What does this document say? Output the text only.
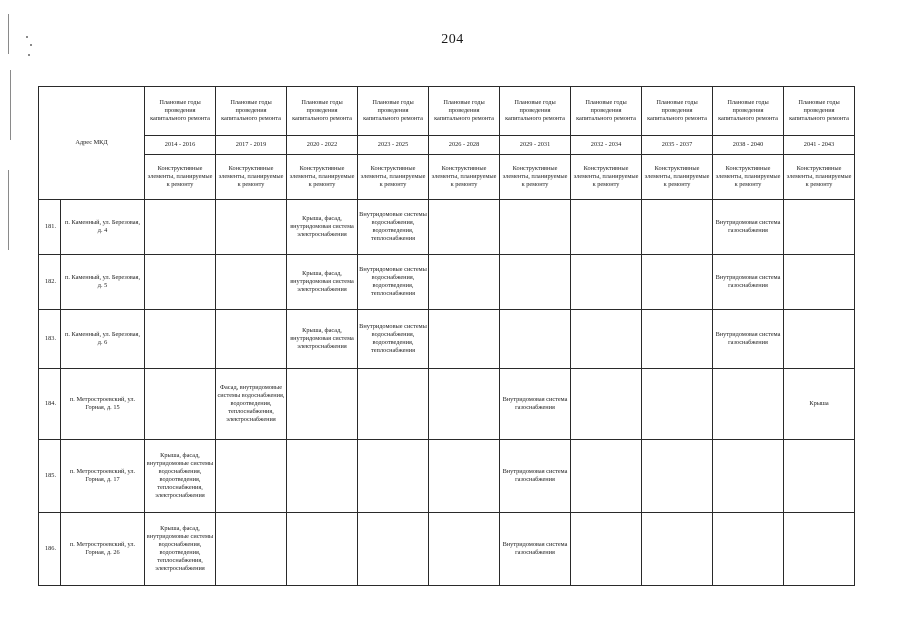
204
Адрес МКД		Плановые годы проведения капитального ремонта	Плановые годы проведения капитального ремонта	Плановые годы проведения капитального ремонта	Плановые годы проведения капитального ремонта	Плановые годы проведения капитального ремонта	Плановые годы проведения капитального ремонта	Плановые годы проведения капитального ремонта	Плановые годы проведения капитального ремонта	Плановые годы проведения капитального ремонта	Плановые годы проведения капитального ремонта
		2014 - 2016	2017 - 2019	2020 - 2022	2023 - 2025	2026 - 2028	2029 - 2031	2032 - 2034	2035 - 2037	2038 - 2040	2041 - 2043
		Конструктивные элементы, планируемые к ремонту	Конструктивные элементы, планируемые к ремонту	Конструктивные элементы, планируемые к ремонту	Конструктивные элементы, планируемые к ремонту	Конструктивные элементы, планируемые к ремонту	Конструктивные элементы, планируемые к ремонту	Конструктивные элементы, планируемые к ремонту	Конструктивные элементы, планируемые к ремонту	Конструктивные элементы, планируемые к ремонту	Конструктивные элементы, планируемые к ремонту
181.	п. Каменный, ул. Березовая, д. 4			Крыша, фасад, внутридомовая система электроснабжения	Внутридомовые системы водоснабжения, водоотведения, теплоснабжения					Внутридомовая система газоснабжения	
182.	п. Каменный, ул. Березовая, д. 5			Крыша, фасад, внутридомовая система электроснабжения	Внутридомовые системы водоснабжения, водоотведения, теплоснабжения					Внутридомовая система газоснабжения	
183.	п. Каменный, ул. Березовая, д. 6			Крыша, фасад, внутридомовая система электроснабжения	Внутридомовые системы водоснабжения, водоотведения, теплоснабжения					Внутридомовая система газоснабжения	
184.	п. Метростроевский, ул. Горная, д. 15		Фасад, внутридомовые системы водоснабжения, водоотведения, теплоснабжения, электроснабжения				Внутридомовая система газоснабжения				Крыша
185.	п. Метростроевский, ул. Горная, д. 17	Крыша, фасад, внутридомовые системы водоснабжения, водоотведения, теплоснабжения, электроснабжения					Внутридомовая система газоснабжения				
186.	п. Метростроевский, ул. Горная, д. 26	Крыша, фасад, внутридомовые системы водоснабжения, водоотведения, теплоснабжения, электроснабжения					Внутридомовая система газоснабжения				
